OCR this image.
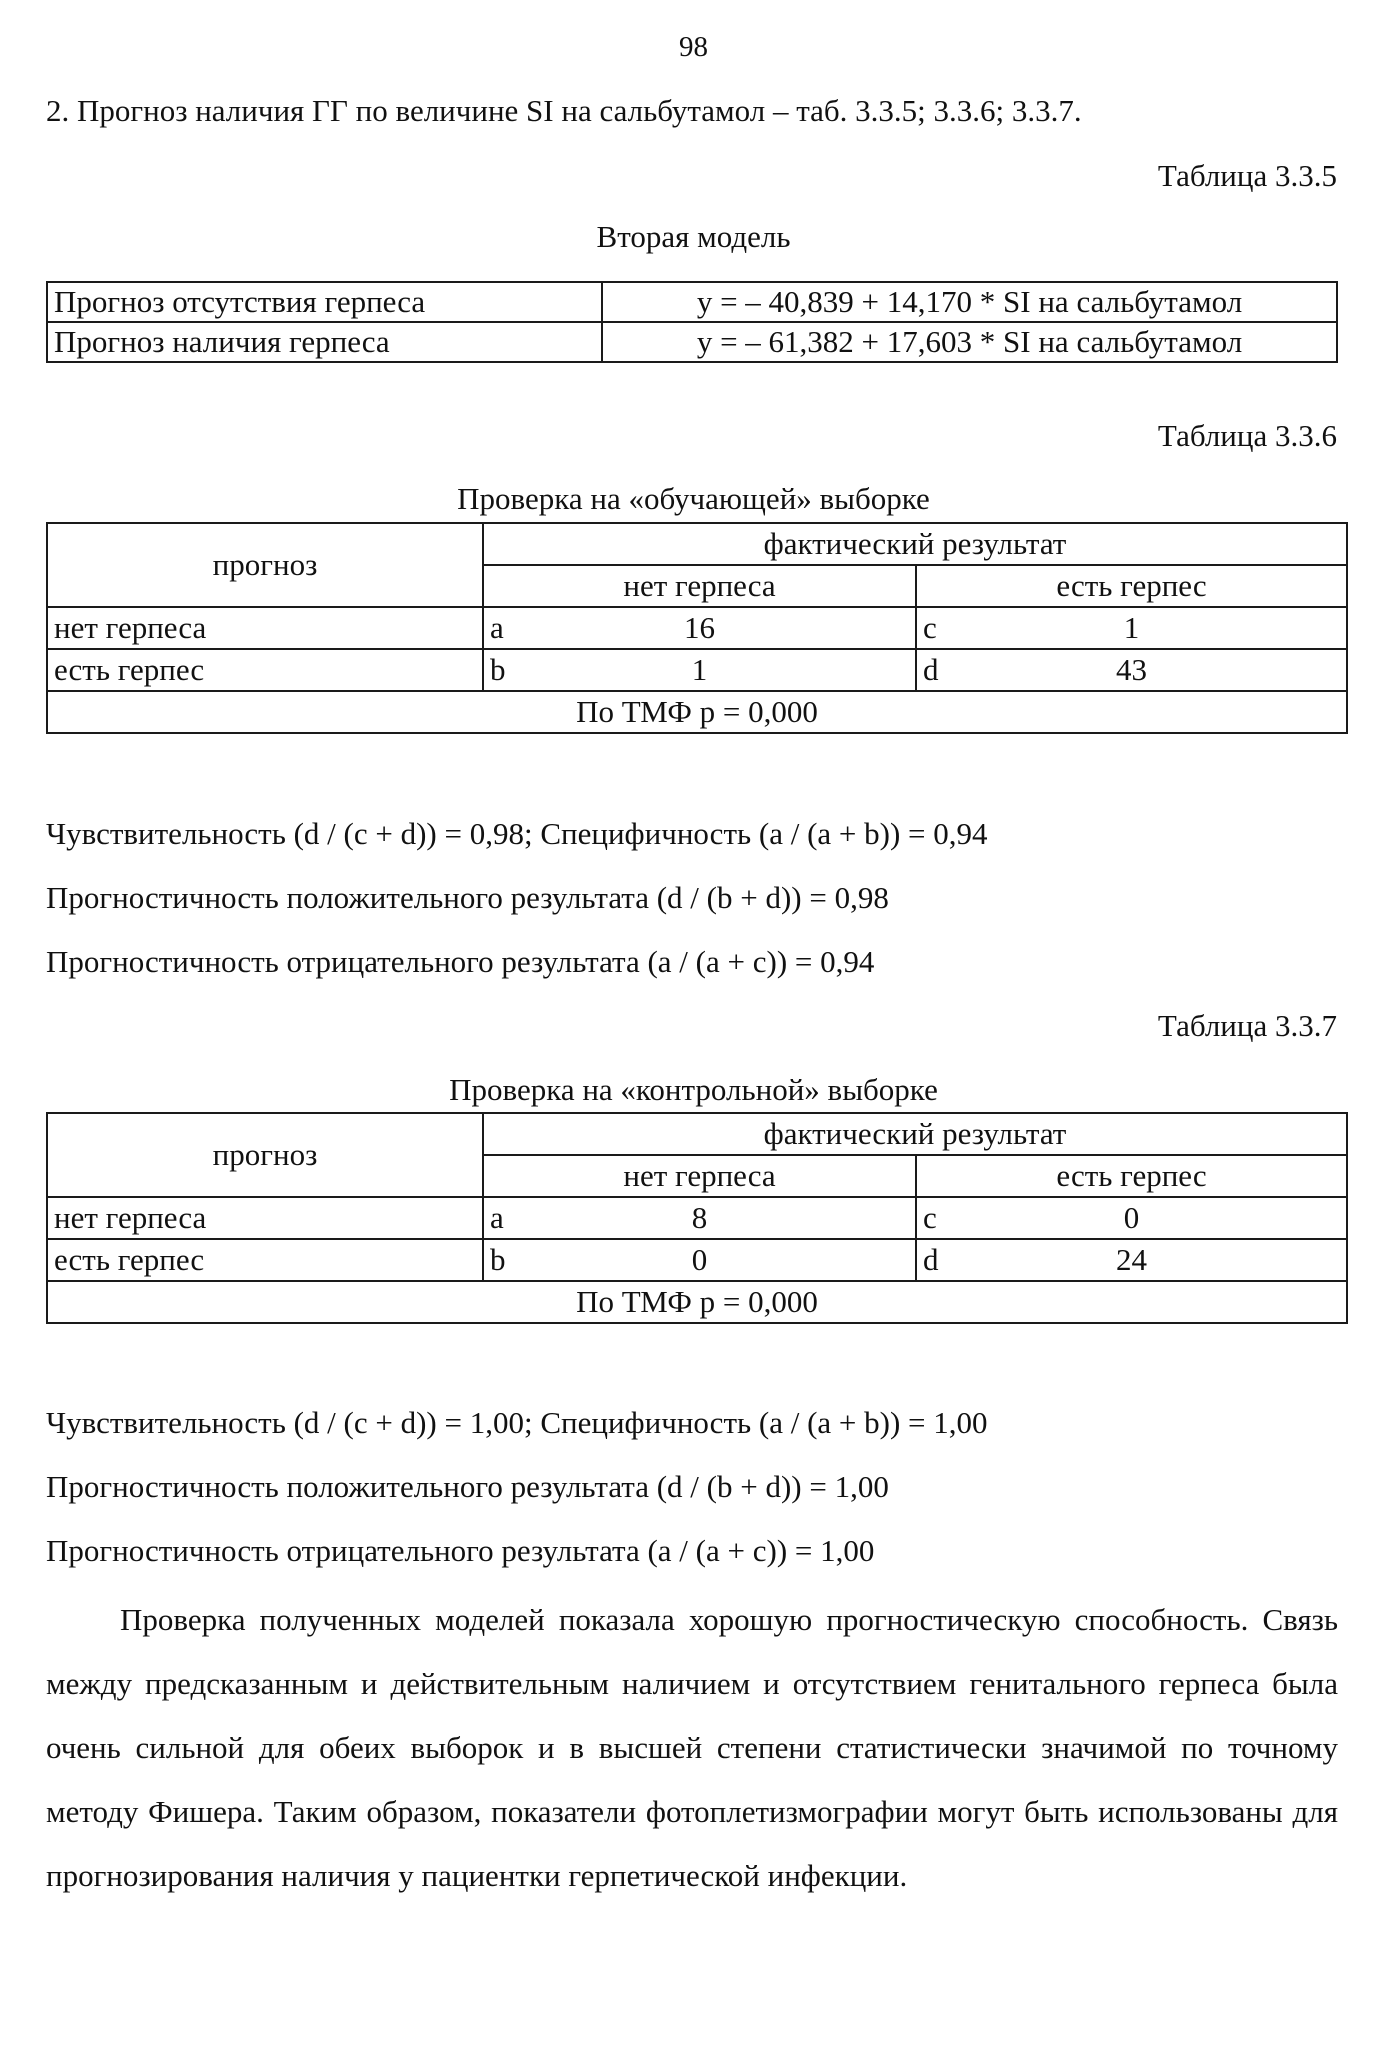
98
2. Прогноз наличия ГГ по величине SI на сальбутамол – таб. 3.3.5; 3.3.6; 3.3.7.
Таблица 3.3.5
Вторая модель
Прогноз отсутствия герпеса	y = – 40,839 + 14,170 * SI на сальбутамол
Прогноз наличия герпеса	y = – 61,382 + 17,603 * SI на сальбутамол
Таблица 3.3.6
Проверка на «обучающей» выборке
прогноз	фактический результат	
	нет герпеса	есть герпес
нет герпеса	a 16	c 1

есть герпес	b 1	d 43

По ТМФ р = 0,000		
Чувствительность (d / (c + d)) = 0,98; Специфичность (a / (a + b)) = 0,94
Прогностичность положительного результата (d / (b + d)) = 0,98
Прогностичность отрицательного результата (a / (a + c)) = 0,94
Таблица 3.3.7
Проверка на «контрольной» выборке
прогноз	фактический результат	
	нет герпеса	есть герпес
нет герпеса	a 8	c 0

есть герпес	b 0	d 24

По ТМФ р = 0,000		
Чувствительность (d / (c + d)) = 1,00; Специфичность (a / (a + b)) = 1,00
Прогностичность положительного результата (d / (b + d)) = 1,00
Прогностичность отрицательного результата (a / (a + c)) = 1,00
Проверка полученных моделей показала хорошую прогностическую способность. Связь между предсказанным и действительным наличием и отсутствием генитального герпеса была очень сильной для обеих выборок и в высшей степени статистически значимой по точному методу Фишера. Таким образом, показатели фотоплетизмографии могут быть использованы для прогнозирования наличия у пациентки герпетической инфекции.
